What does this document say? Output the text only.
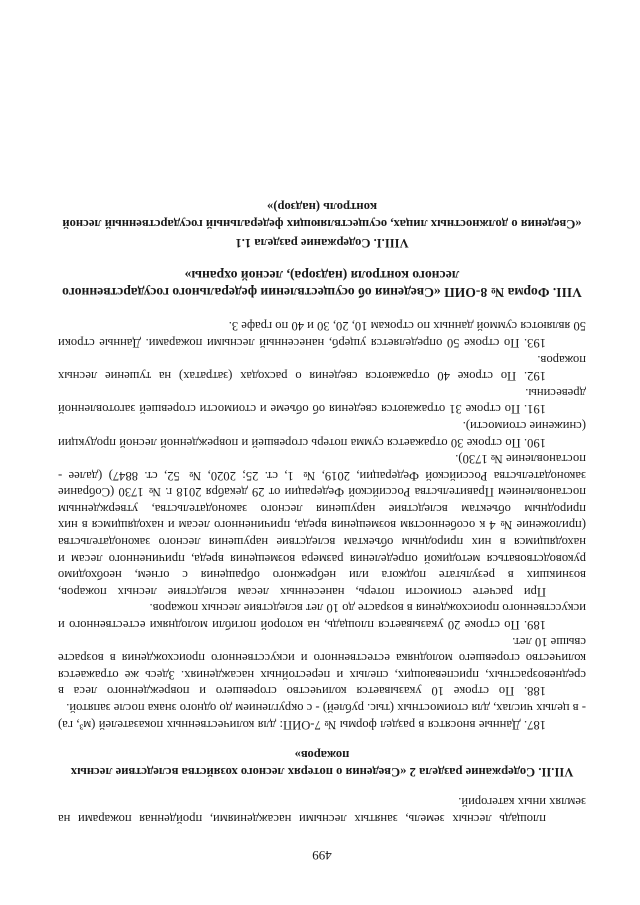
499

площадь лесных земель, занятых лесными насаждениями, пройденная пожарами на землях иных категорий.

VII.II. Содержание раздела 2 «Сведения о потерях лесного хозяйства вследствие лесных пожаров»

187. Данные вносятся в раздел формы № 7-ОИП: для количественных показателей (м³, га) - в целых числах, для стоимостных (тыс. рублей) - с округлением до одного знака после запятой.

188. По строке 10 указывается количество сгоревшего и поврежденного леса в средневозрастных, приспевающих, спелых и перестойных насаждениях. Здесь же отражается количество сгоревшего молодняка естественного и искусственного происхождения в возрасте свыше 10 лет.

189. По строке 20 указывается площадь, на которой погибли молодняки естественного и искусственного происхождения в возрасте до 10 лет вследствие лесных пожаров.

При расчете стоимости потерь, нанесенных лесам вследствие лесных пожаров, возникших в результате поджога или небрежного обращения с огнем, необходимо руководствоваться методикой определения размера возмещения вреда, причиненного лесам и находящимся в них природным объектам вследствие нарушения лесного законодательства (приложение № 4 к особенностям возмещения вреда, причиненного лесам и находящимся в них природным объектам вследствие нарушения лесного законодательства, утвержденным постановлением Правительства Российской Федерации от 29 декабря 2018 г. № 1730 (Собрание законодательства Российской Федерации, 2019, № 1, ст. 25; 2020, № 52, ст. 8847) (далее - постановление № 1730).

190. По строке 30 отражается сумма потерь сгоревшей и поврежденной лесной продукции (снижение стоимости).

191. По строке 31 отражаются сведения об объеме и стоимости сгоревшей заготовленной древесины.

192. По строке 40 отражаются сведения о расходах (затратах) на тушение лесных пожаров.

193. По строке 50 определяется ущерб, нанесенный лесными пожарами. Данные строки 50 являются суммой данных по строкам 10, 20, 30 и 40 по графе 3.

VIII. Форма № 8-ОИП «Сведения об осуществлении федерального государственного лесного контроля (надзора), лесной охраны»
VIII.I. Содержание раздела 1.1
«Сведения о должностных лицах, осуществляющих федеральный государственный лесной контроль (надзор)»
